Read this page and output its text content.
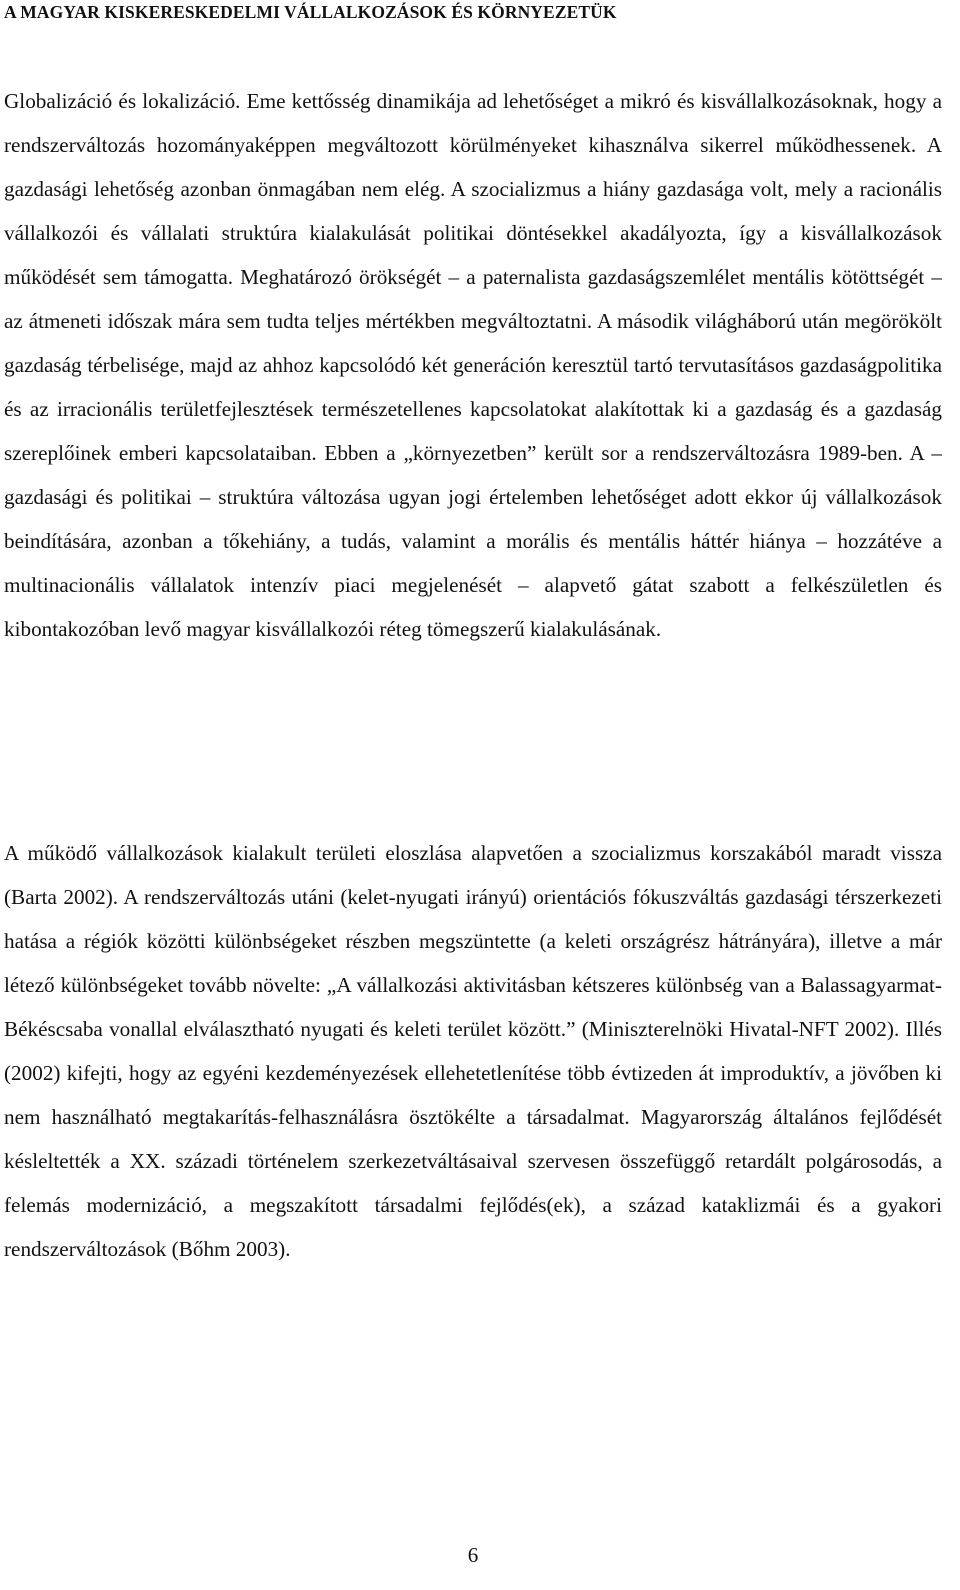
A MAGYAR KISKERESKEDELMI VÁLLALKOZÁSOK ÉS KÖRNYEZETÜK

Globalizáció és lokalizáció. Eme kettősség dinamikája ad lehetőséget a mikró és kisvállalkozásoknak, hogy a rendszerváltozás hozományaképpen megváltozott körülményeket kihasználva sikerrel működhessenek. A gazdasági lehetőség azonban önmagában nem elég. A szocializmus a hiány gazdasága volt, mely a racionális vállalkozói és vállalati struktúra kialakulását politikai döntésekkel akadályozta, így a kisvállalkozások működését sem támogatta. Meghatározó örökségét – a paternalista gazdaságszemlélet mentális kötöttségét – az átmeneti időszak mára sem tudta teljes mértékben megváltoztatni. A második világháború után megörökölt gazdaság térbelisége, majd az ahhoz kapcsolódó két generáción keresztül tartó tervutasításos gazdaságpolitika és az irracionális területfejlesztések természetellenes kapcsolatokat alakítottak ki a gazdaság és a gazdaság szereplőinek emberi kapcsolataiban. Ebben a „környezetben” került sor a rendszerváltozásra 1989-ben. A – gazdasági és politikai – struktúra változása ugyan jogi értelemben lehetőséget adott ekkor új vállalkozások beindítására, azonban a tőkehiány, a tudás, valamint a morális és mentális háttér hiánya – hozzátéve a multinacionális vállalatok intenzív piaci megjelenését – alapvető gátat szabott a felkészületlen és kibontakozóban levő magyar kisvállalkozói réteg tömegszerű kialakulásának.

A működő vállalkozások kialakult területi eloszlása alapvetően a szocializmus korszakából maradt vissza (Barta 2002). A rendszerváltozás utáni (kelet-nyugati irányú) orientációs fókuszváltás gazdasági térszerkezeti hatása a régiók közötti különbségeket részben megszüntette (a keleti országrész hátrányára), illetve a már létező különbségeket tovább növelte: „A vállalkozási aktivitásban kétszeres különbség van a Balassagyarmat-Békéscsaba vonallal elválasztható nyugati és keleti terület között.” (Miniszterelnöki Hivatal-NFT 2002). Illés (2002) kifejti, hogy az egyéni kezdeményezések ellehetetlenítése több évtizeden át improduktív, a jövőben ki nem használható megtakarítás-felhasználásra ösztökélte a társadalmat. Magyarország általános fejlődését késleltették a XX. századi történelem szerkezetváltásaival szervesen összefüggő retardált polgárosodás, a felemás modernizáció, a megszakított társadalmi fejlődés(ek), a század kataklizmái és a gyakori rendszerváltozások (Bőhm 2003).

6
